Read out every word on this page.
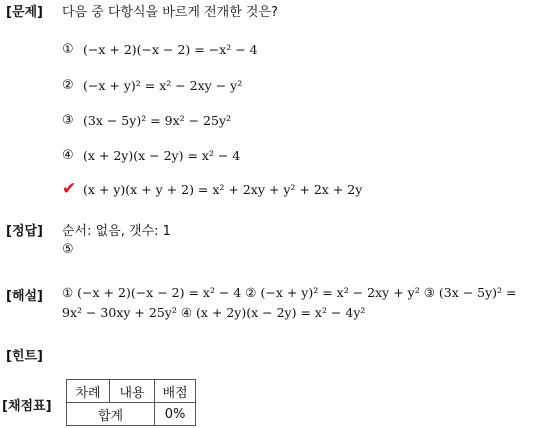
[문제] 다음 중 다항식을 바르게 전개한 것은?
① (−x + 2)(−x − 2) = −x² − 4
② (−x + y)² = x² − 2xy − y²
③ (3x − 5y)² = 9x² − 25y²
④ (x + 2y)(x − 2y) = x² − 4
✔ (x + y)(x + y + 2) = x² + 2xy + y² + 2x + 2y
[정답] 순서: 없음, 갯수: 1
⑤
[해설] ① (−x + 2)(−x − 2) = x² − 4 ② (−x + y)² = x² − 2xy + y² ③ (3x − 5y)² =
9x² − 30xy + 25y² ④ (x + 2y)(x − 2y) = x² − 4y²
[힌트]
[채점표]
차례	내용	배점
합계		0%
